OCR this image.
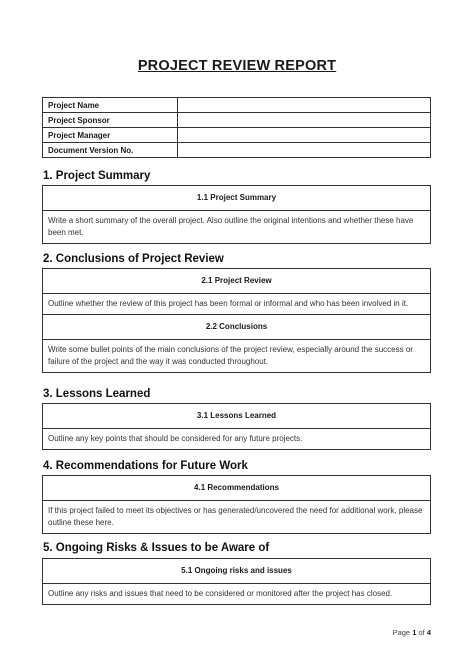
PROJECT REVIEW REPORT
Project Name	
Project Sponsor	
Project Manager	
Document Version No.	
1. Project Summary
1.1 Project Summary
Write a short summary of the overall project. Also outline the original intentions and whether these have been met.
2. Conclusions of Project Review
2.1 Project Review
Outline whether the review of this project has been formal or informal and who has been involved in it.
2.2 Conclusions
Write some bullet points of the main conclusions of the project review, especially around the success or failure of the project and the way it was conducted throughout.
3. Lessons Learned
3.1 Lessons Learned
Outline any key points that should be considered for any future projects.
4. Recommendations for Future Work
4.1 Recommendations
If this project failed to meet its objectives or has generated/uncovered the need for additional work, please outline these here.
5. Ongoing Risks & Issues to be Aware of
5.1 Ongoing risks and issues
Outline any risks and issues that need to be considered or monitored after the project has closed.
Page 1 of 4
